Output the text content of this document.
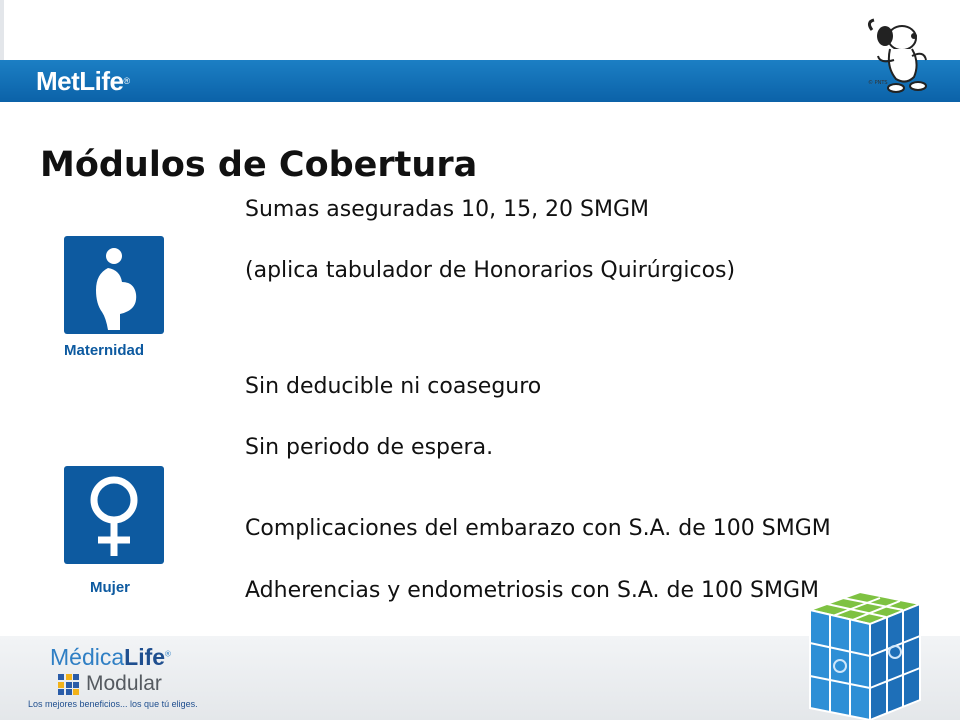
MetLife®	© PNTS
Módulos de Cobertura
Sumas aseguradas 10, 15, 20 SMGM
(aplica tabulador de Honorarios Quirúrgicos)
Sin deducible ni coaseguro
Sin periodo de espera.
Complicaciones del embarazo con S.A. de 100 SMGM
Adherencias y endometriosis con S.A. de 100 SMGM
Maternidad
Mujer
MédicaLife®
Modular
Los mejores beneficios... los que tú eliges.
